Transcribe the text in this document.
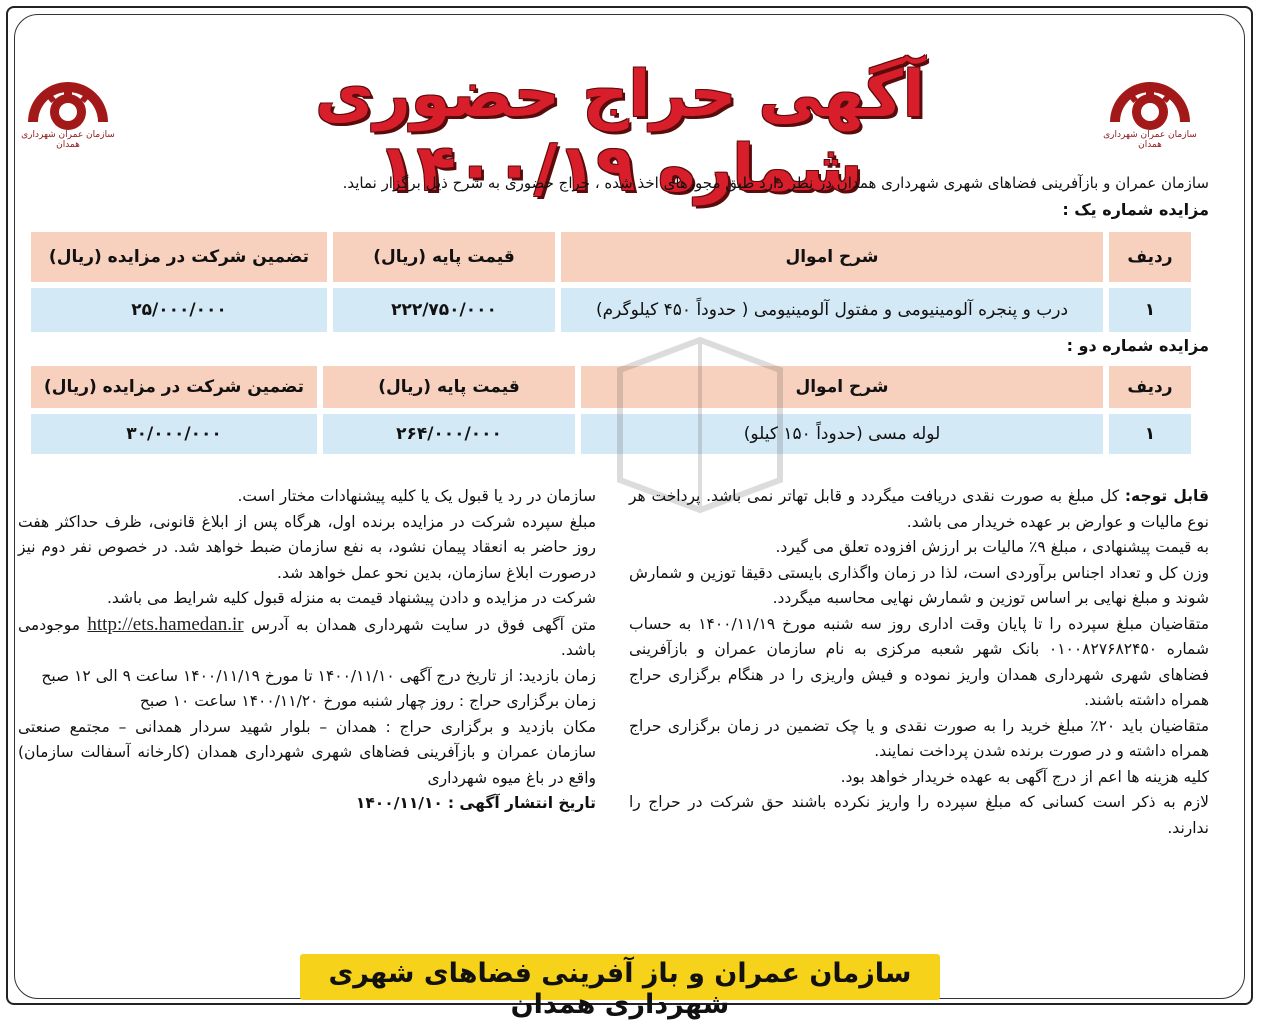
سازمان عمران شهرداری همدان
سازمان عمران شهرداری همدان
آگهی حراج حضوری شماره ۱۴۰۰/۱۹
سازمان عمران و بازآفرینی فضاهای شهری شهرداری همدان در نظر دارد طبق مجوزهای اخذ شده ، حراج حضوری به شرح ذیل برگزار نماید.
مزایده شماره یک :
ردیف	شرح اموال	قیمت پایه (ریال)	تضمین شرکت در مزایده (ریال)
۱	درب و پنجره آلومینیومی و مفتول آلومینیومی ( حدوداً ۴۵۰ کیلوگرم)	۲۲۲/۷۵۰/۰۰۰	۲۵/۰۰۰/۰۰۰
مزایده شماره دو :
ردیف	شرح اموال	قیمت پایه (ریال)	تضمین شرکت در مزایده (ریال)
۱	لوله مسی (حدوداً ۱۵۰ کیلو)	۲۶۴/۰۰۰/۰۰۰	۳۰/۰۰۰/۰۰۰

قابل توجه: کل مبلغ به صورت نقدی دریافت میگردد و قابل تهاتر نمی باشد. پرداخت هر نوع مالیات و عوارض بر عهده خریدار می باشد.

به قیمت پیشنهادی ، مبلغ ۹٪ مالیات بر ارزش افزوده تعلق می گیرد.

وزن کل و تعداد اجناس برآوردی است، لذا در زمان واگذاری بایستی دقیقا توزین و شمارش شوند و مبلغ نهایی بر اساس توزین و شمارش نهایی محاسبه میگردد.

متقاضیان مبلغ سپرده را تا پایان وقت اداری روز سه شنبه مورخ ۱۴۰۰/۱۱/۱۹ به حساب شماره ۰۱۰۰۸۲۷۶۸۲۴۵۰ بانک شهر شعبه مرکزی به نام سازمان عمران و بازآفرینی فضاهای شهری شهرداری همدان واریز نموده و فیش واریزی را در هنگام برگزاری حراج همراه داشته باشند.

متقاضیان باید ۲۰٪ مبلغ خرید را به صورت نقدی و یا چک تضمین در زمان برگزاری حراج همراه داشته و در صورت برنده شدن پرداخت نمایند.

کلیه هزینه ها اعم از درج آگهی به عهده خریدار خواهد بود.

لازم به ذکر است کسانی که مبلغ سپرده را واریز نکرده باشند حق شرکت در حراج را ندارند.

سازمان در رد یا قبول یک یا کلیه پیشنهادات مختار است.

مبلغ سپرده شرکت در مزایده برنده اول، هرگاه پس از ابلاغ قانونی، ظرف حداکثر هفت روز حاضر به انعقاد پیمان نشود، به نفع سازمان ضبط خواهد شد. در خصوص نفر دوم نیز درصورت ابلاغ سازمان، بدین نحو عمل خواهد شد.

شرکت در مزایده و دادن پیشنهاد قیمت به منزله قبول کلیه شرایط می باشد.

متن آگهی فوق در سایت شهرداری همدان به آدرس http://ets.hamedan.ir موجودمی باشد.

زمان بازدید: از تاریخ درج آگهی ۱۴۰۰/۱۱/۱۰ تا مورخ ۱۴۰۰/۱۱/۱۹ ساعت ۹ الی ۱۲ صبح

زمان برگزاری حراج : روز چهار شنبه مورخ ۱۴۰۰/۱۱/۲۰ ساعت ۱۰ صبح

مکان بازدید و برگزاری حراج : همدان – بلوار شهید سردار همدانی – مجتمع صنعتی سازمان عمران و بازآفرینی فضاهای شهری شهرداری همدان (کارخانه آسفالت سازمان) واقع در باغ میوه شهرداری

تاریخ انتشار آگهی : ۱۴۰۰/۱۱/۱۰

سازمان عمران و باز آفرینی فضاهای شهری شهرداری همدان
